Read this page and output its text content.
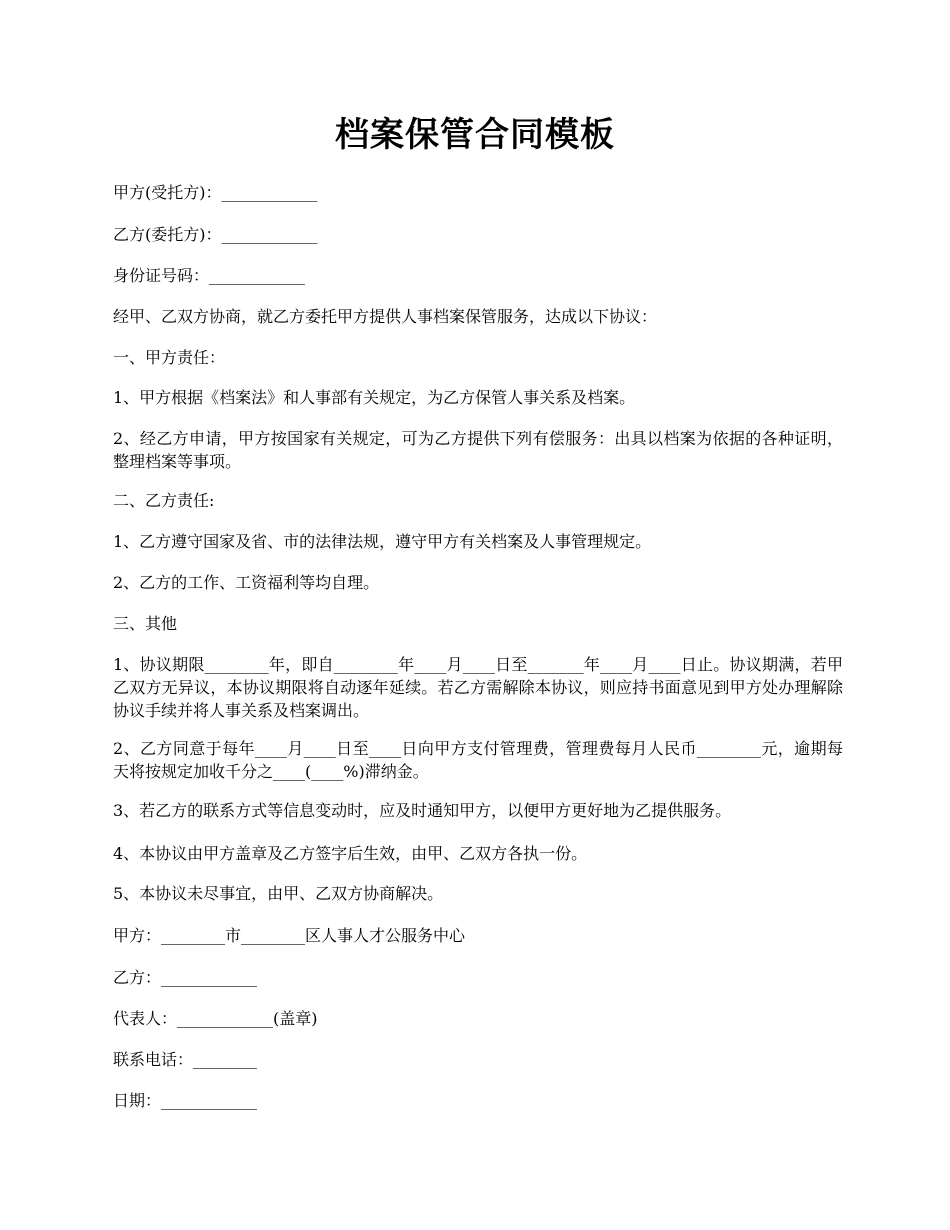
档案保管合同模板
甲方(受托方)：____________
乙方(委托方)：____________
身份证号码：____________
经甲、乙双方协商，就乙方委托甲方提供人事档案保管服务，达成以下协议：
一、甲方责任：
1、甲方根据《档案法》和人事部有关规定，为乙方保管人事关系及档案。
2、经乙方申请，甲方按国家有关规定，可为乙方提供下列有偿服务：出具以档案为依据的各种证明，整理档案等事项。
二、乙方责任:
1、乙方遵守国家及省、市的法律法规，遵守甲方有关档案及人事管理规定。
2、乙方的工作、工资福利等均自理。
三、其他
1、协议期限________年，即自________年____月____日至_______年____月____日止。协议期满，若甲乙双方无异议，本协议期限将自动逐年延续。若乙方需解除本协议，则应持书面意见到甲方处办理解除协议手续并将人事关系及档案调出。
2、乙方同意于每年____月____日至____日向甲方支付管理费，管理费每月人民币________元，逾期每天将按规定加收千分之____(____%)滞纳金。
3、若乙方的联系方式等信息变动时，应及时通知甲方，以便甲方更好地为乙提供服务。
4、本协议由甲方盖章及乙方签字后生效，由甲、乙双方各执一份。
5、本协议未尽事宜，由甲、乙双方协商解决。
甲方：________市________区人事人才公服务中心
乙方：____________
代表人：____________(盖章)
联系电话：________
日期：____________
